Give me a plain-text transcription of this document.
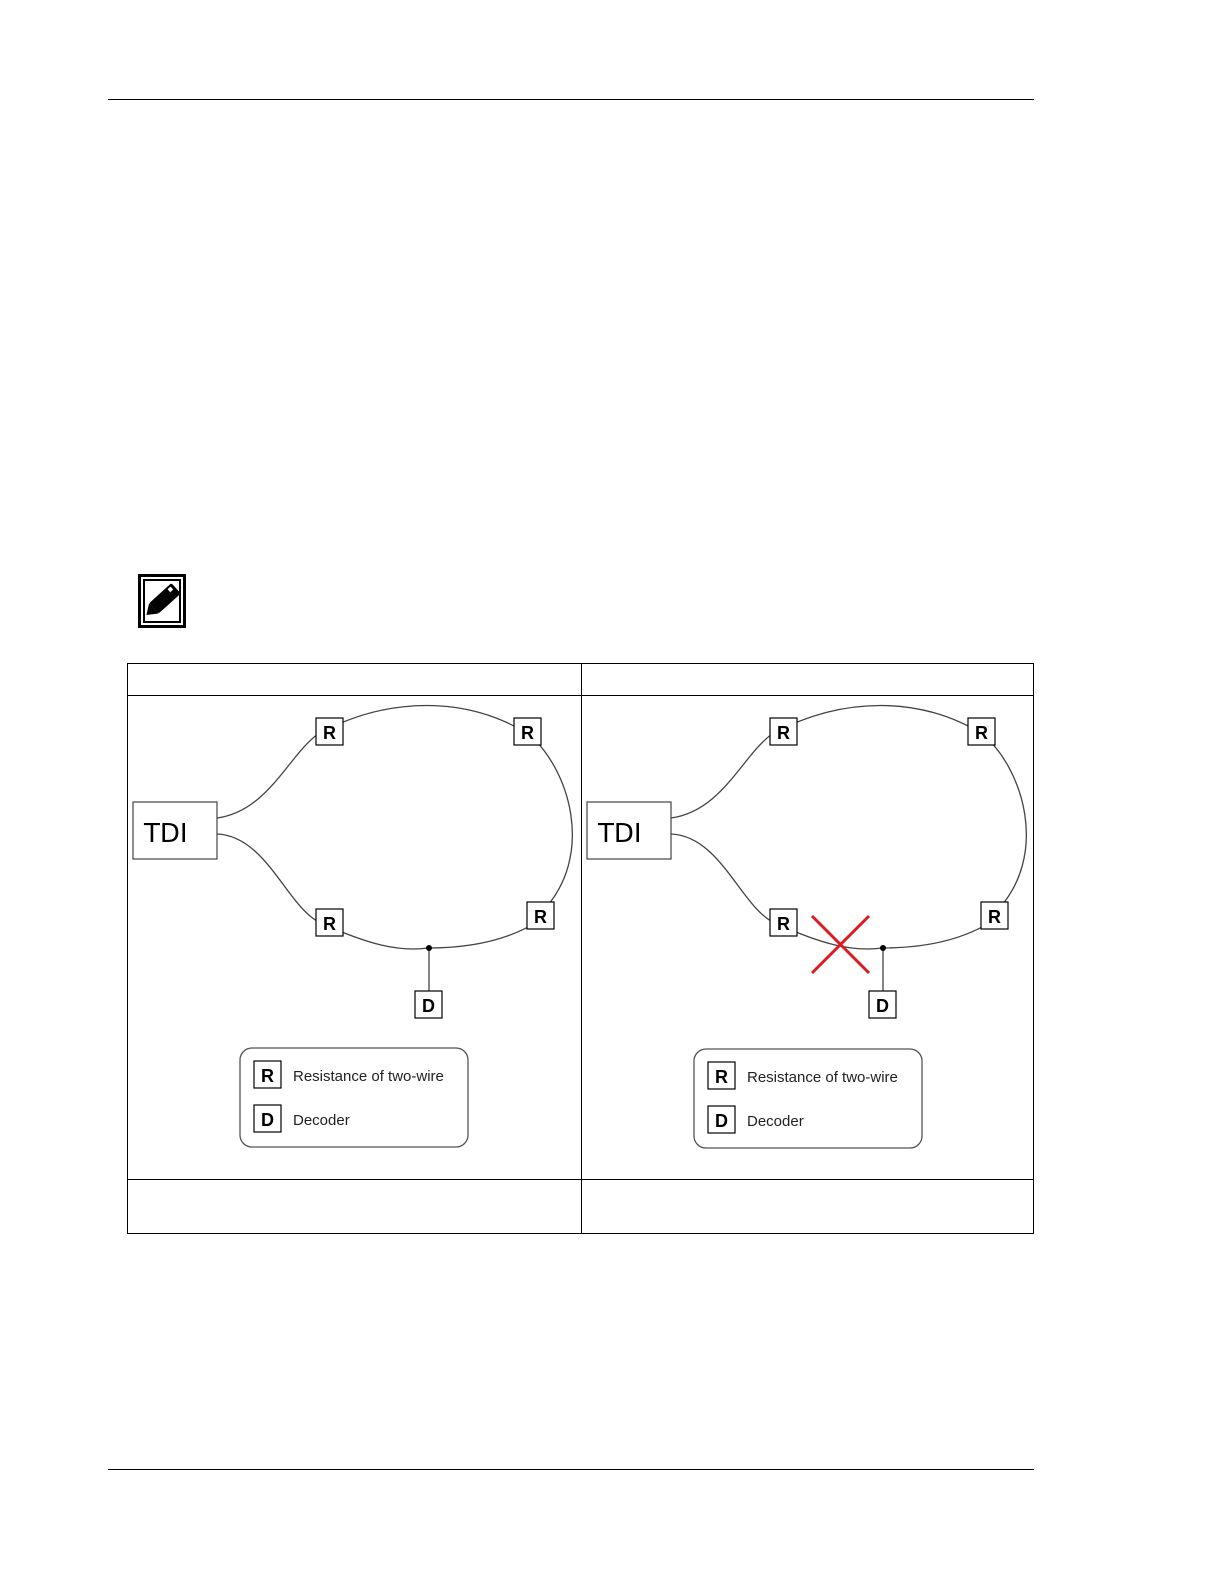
TDI
R	R
R	R
D
R Resistance of two-wire
D Decoder
TDI
R	R
R	R
D
R Resistance of two-wire
D Decoder
